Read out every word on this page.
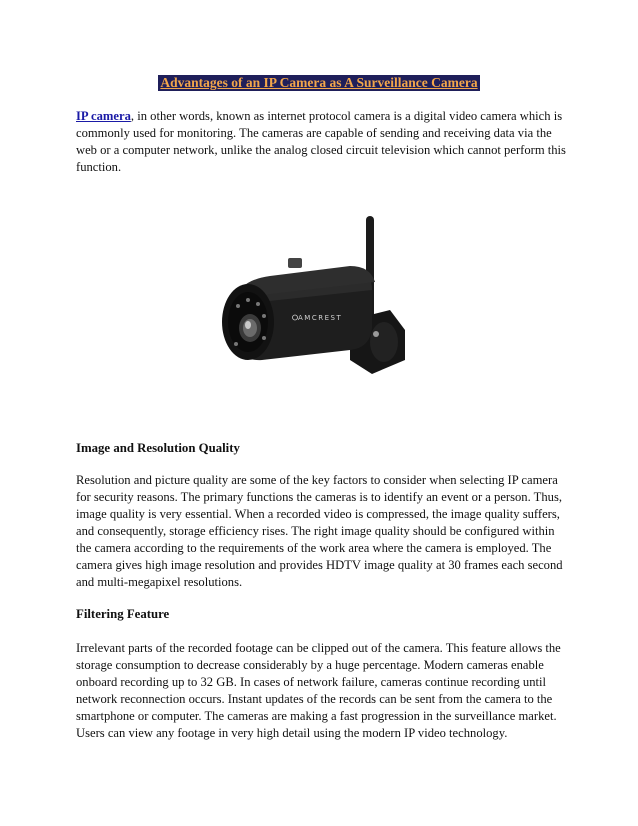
Advantages of an IP Camera as A Surveillance Camera

IP camera, in other words, known as internet protocol camera is a digital video camera which is commonly used for monitoring. The cameras are capable of sending and receiving data via the web or a computer network, unlike the analog closed circuit television which cannot perform this function.

AMCREST

Image and Resolution Quality

Resolution and picture quality are some of the key factors to consider when selecting IP camera for security reasons. The primary functions the cameras is to identify an event or a person. Thus, image quality is very essential. When a recorded video is compressed, the image quality suffers, and consequently, storage efficiency rises. The right image quality should be configured within the camera according to the requirements of the work area where the camera is employed. The camera gives high image resolution and provides HDTV image quality at 30 frames each second and multi-megapixel resolutions.

Filtering Feature

Irrelevant parts of the recorded footage can be clipped out of the camera. This feature allows the storage consumption to decrease considerably by a huge percentage. Modern cameras enable onboard recording up to 32 GB. In cases of network failure, cameras continue recording until network reconnection occurs. Instant updates of the records can be sent from the camera to the smartphone or computer. The cameras are making a fast progression in the surveillance market. Users can view any footage in very high detail using the modern IP video technology.
